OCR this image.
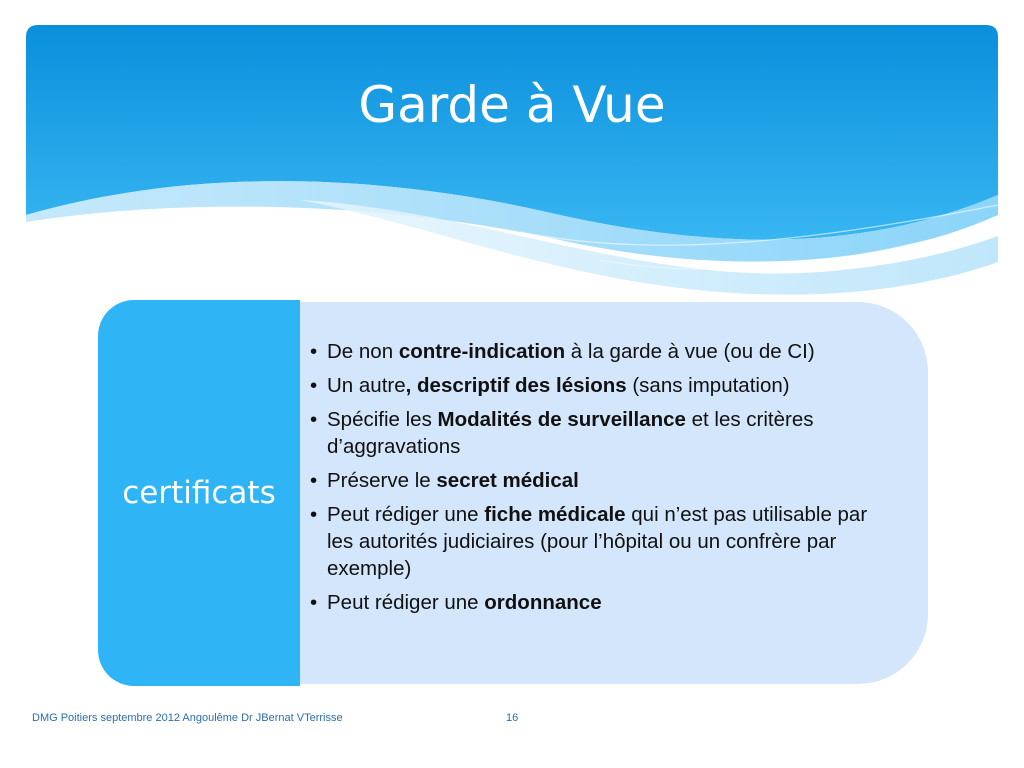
Garde à Vue

certificats

• De non contre-indication à la garde à vue (ou de CI)
• Un autre, descriptif des lésions (sans imputation)
• Spécifie les Modalités de surveillance et les critères d’aggravations
• Préserve le secret médical
• Peut rédiger une fiche médicale qui n’est pas utilisable par les autorités judiciaires (pour l’hôpital ou un confrère par exemple)
• Peut rédiger une ordonnance
DMG Poitiers septembre 2012 Angoulême Dr JBernat VTerrisse	16
